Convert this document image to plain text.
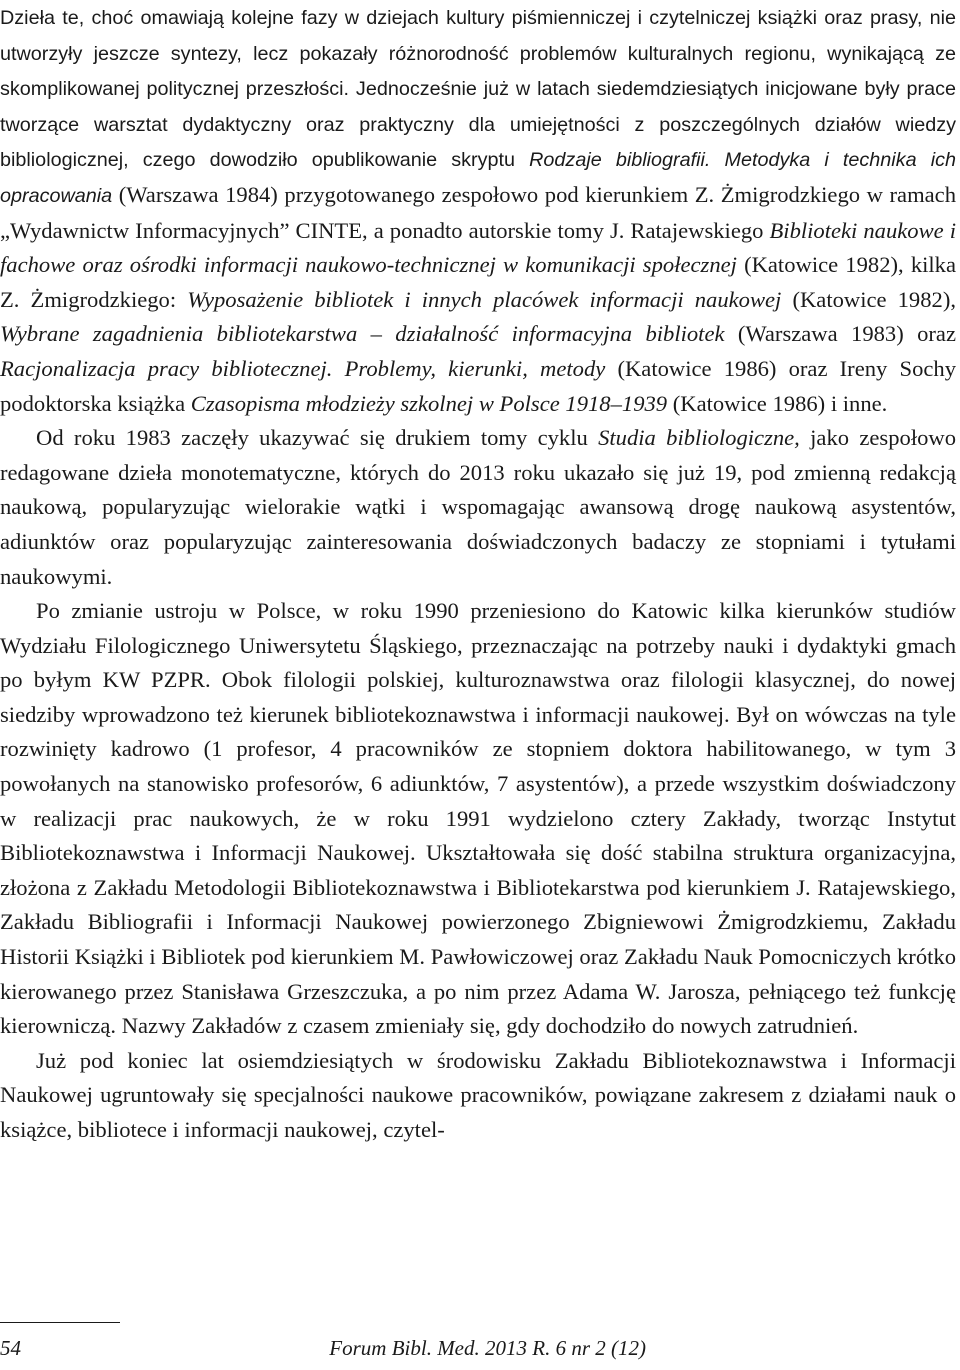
Dzieła te, choć omawiają kolejne fazy w dziejach kultury piśmienniczej i czytelniczej książki oraz prasy, nie utworzyły jeszcze syntezy, lecz pokazały różnorodność problemów kulturalnych regionu, wynikającą ze skomplikowanej politycznej przeszłości. Jednocześnie już w latach siedemdziesiątych inicjowane były prace tworzące warsztat dydaktyczny oraz praktyczny dla umiejętności z poszczególnych działów wiedzy bibliologicznej, czego dowodziło opublikowanie skryptu Rodzaje bibliografii. Metodyka i technika ich opracowania (Warszawa 1984) przygotowanego zespołowo pod kierunkiem Z. Żmigrodzkiego w ramach „Wydawnictw Informacyjnych” CINTE, a ponadto autorskie tomy J. Ratajewskiego Biblioteki naukowe i fachowe oraz ośrodki informacji naukowo-technicznej w komunikacji społecznej (Katowice 1982), kilka Z. Żmigrodzkiego: Wyposażenie bibliotek i innych placówek informacji naukowej (Katowice 1982), Wybrane zagadnienia bibliotekarstwa – działalność informacyjna bibliotek (Warszawa 1983) oraz Racjonalizacja pracy bibliotecznej. Problemy, kierunki, metody (Katowice 1986) oraz Ireny Sochy podoktorska książka Czasopisma młodzieży szkolnej w Polsce 1918–1939 (Katowice 1986) i inne.

Od roku 1983 zaczęły ukazywać się drukiem tomy cyklu Studia bibliologiczne, jako zespołowo redagowane dzieła monotematyczne, których do 2013 roku ukazało się już 19, pod zmienną redakcją naukową, popularyzując wielorakie wątki i wspomagając awansową drogę naukową asystentów, adiunktów oraz popularyzując zainteresowania doświadczonych badaczy ze stopniami i tytułami naukowymi.

Po zmianie ustroju w Polsce, w roku 1990 przeniesiono do Katowic kilka kierunków studiów Wydziału Filologicznego Uniwersytetu Śląskiego, przeznaczając na potrzeby nauki i dydaktyki gmach po byłym KW PZPR. Obok filologii polskiej, kulturoznawstwa oraz filologii klasycznej, do nowej siedziby wprowadzono też kierunek bibliotekoznawstwa i informacji naukowej. Był on wówczas na tyle rozwinięty kadrowo (1 profesor, 4 pracowników ze stopniem doktora habilitowanego, w tym 3 powołanych na stanowisko profesorów, 6 adiunktów, 7 asystentów), a przede wszystkim doświadczony w realizacji prac naukowych, że w roku 1991 wydzielono cztery Zakłady, tworząc Instytut Bibliotekoznawstwa i Informacji Naukowej. Ukształtowała się dość stabilna struktura organizacyjna, złożona z Zakładu Metodologii Bibliotekoznawstwa i Bibliotekarstwa pod kierunkiem J. Ratajewskiego, Zakładu Bibliografii i Informacji Naukowej powierzonego Zbigniewowi Żmigrodzkiemu, Zakładu Historii Książki i Bibliotek pod kierunkiem M. Pawłowiczowej oraz Zakładu Nauk Pomocniczych krótko kierowanego przez Stanisława Grzeszczuka, a po nim przez Adama W. Jarosza, pełniącego też funkcję kierowniczą. Nazwy Zakładów z czasem zmieniały się, gdy dochodziło do nowych zatrudnień.

Już pod koniec lat osiemdziesiątych w środowisku Zakładu Bibliotekoznawstwa i Informacji Naukowej ugruntowały się specjalności naukowe pracowników, powiązane zakresem z działami nauk o książce, bibliotece i informacji naukowej, czytel-

54	Forum Bibl. Med. 2013 R. 6 nr 2 (12)
